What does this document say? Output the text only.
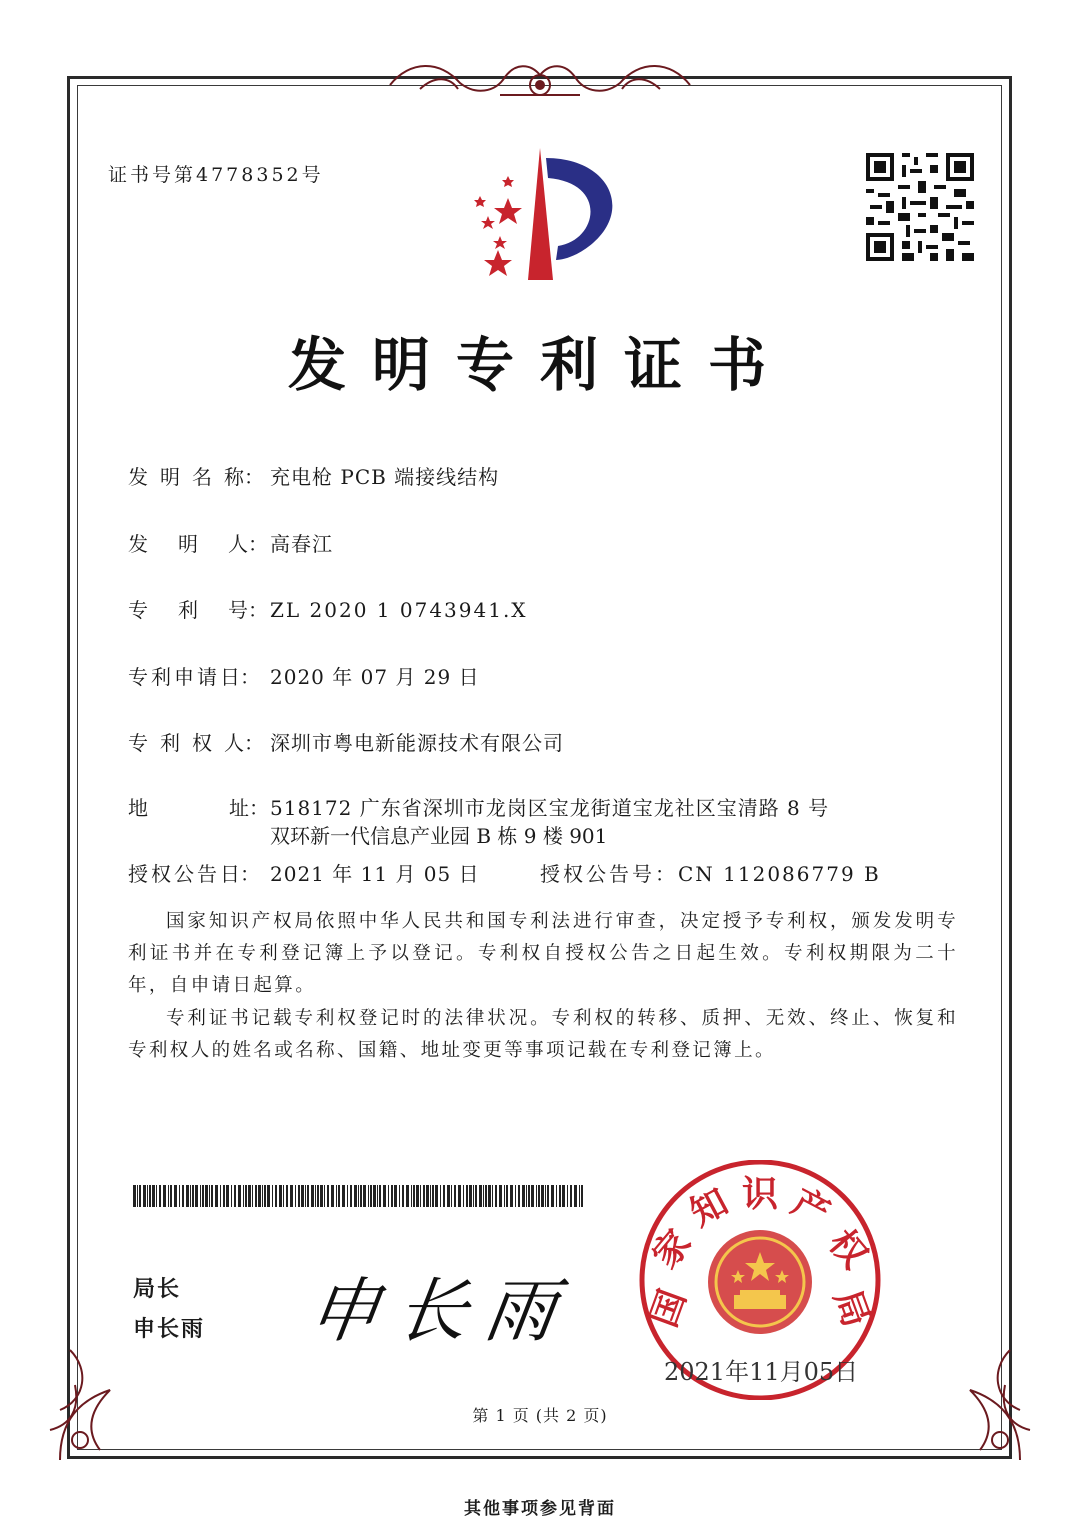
证书号第4778352号
发明专利证书
发明名称： 充电枪 PCB 端接线结构
发明人： 高春江
专利号： ZL 2020 1 0743941.X
专利申请日： 2020 年 07 月 29 日
专利权人： 深圳市粤电新能源技术有限公司
地址：518172 广东省深圳市龙岗区宝龙街道宝龙社区宝清路 8 号
双环新一代信息产业园 B 栋 9 楼 901
授权公告日： 2021 年 11 月 05 日	授权公告号：CN 112086779 B
国家知识产权局依照中华人民共和国专利法进行审查，决定授予专利权，颁发发明专利证书并在专利登记簿上予以登记。专利权自授权公告之日起生效。专利权期限为二十年，自申请日起算。
专利证书记载专利权登记时的法律状况。专利权的转移、质押、无效、终止、恢复和专利权人的姓名或名称、国籍、地址变更等事项记载在专利登记簿上。
局长
申长雨 申长雨 国
家
知 识 产
权
局
2021年11月05日
第 1 页 (共 2 页)
其他事项参见背面
